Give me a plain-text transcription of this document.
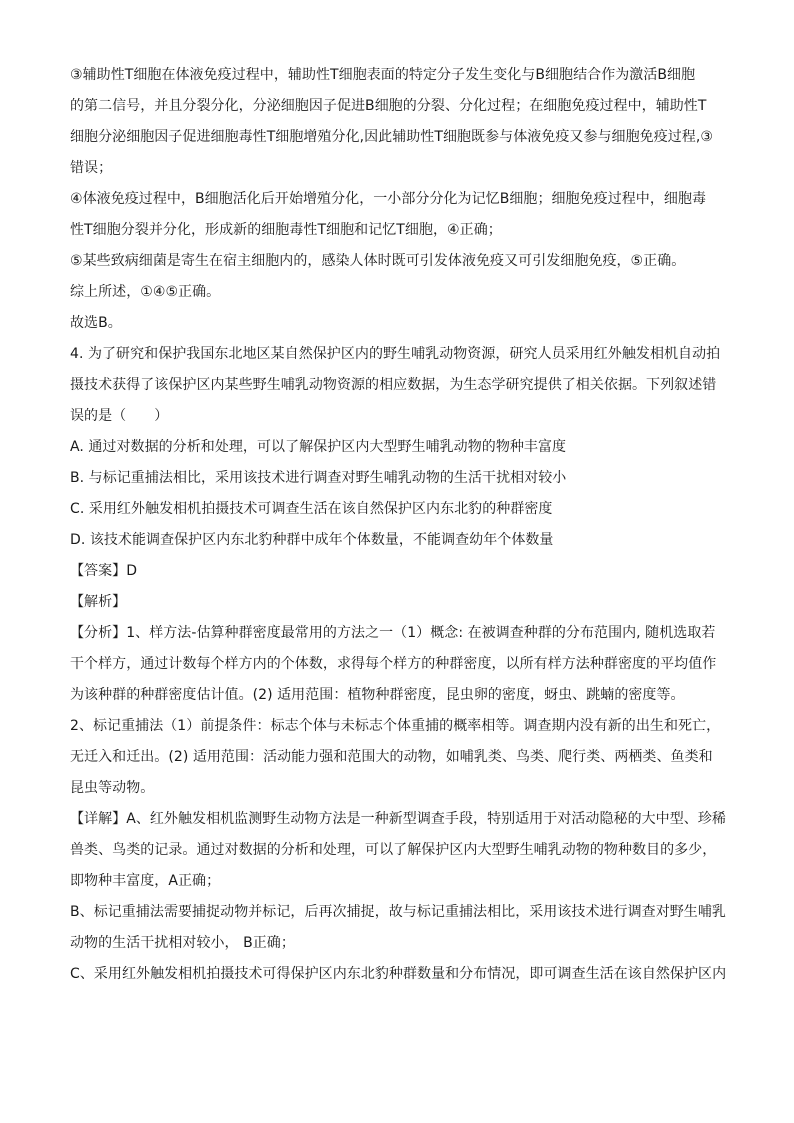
③辅助性T细胞在体液免疫过程中，辅助性T细胞表面的特定分子发生变化与B细胞结合作为激活B细胞
的第二信号，并且分裂分化，分泌细胞因子促进B细胞的分裂、分化过程；在细胞免疫过程中，辅助性T
细胞分泌细胞因子促进细胞毒性T细胞增殖分化,因此辅助性T细胞既参与体液免疫又参与细胞免疫过程,③
错误；
④体液免疫过程中，B细胞活化后开始增殖分化，一小部分分化为记忆B细胞；细胞免疫过程中，细胞毒
性T细胞分裂并分化，形成新的细胞毒性T细胞和记忆T细胞，④正确；
⑤某些致病细菌是寄生在宿主细胞内的，感染人体时既可引发体液免疫又可引发细胞免疫，⑤正确。
综上所述，①④⑤正确。
故选B。
4. 为了研究和保护我国东北地区某自然保护区内的野生哺乳动物资源，研究人员采用红外触发相机自动拍
摄技术获得了该保护区内某些野生哺乳动物资源的相应数据，为生态学研究提供了相关依据。下列叙述错
误的是（　　）
A. 通过对数据的分析和处理，可以了解保护区内大型野生哺乳动物的物种丰富度
B. 与标记重捕法相比，采用该技术进行调查对野生哺乳动物的生活干扰相对较小
C. 采用红外触发相机拍摄技术可调查生活在该自然保护区内东北豹的种群密度
D. 该技术能调查保护区内东北豹种群中成年个体数量，不能调查幼年个体数量
【答案】D
【解析】
【分析】1、样方法-估算种群密度最常用的方法之一（1）概念: 在被调查种群的分布范围内, 随机选取若
干个样方，通过计数每个样方内的个体数，求得每个样方的种群密度，以所有样方法种群密度的平均值作
为该种群的种群密度估计值。(2) 适用范围：植物种群密度，昆虫卵的密度，蚜虫、跳蝻的密度等。
2、标记重捕法（1）前提条件：标志个体与未标志个体重捕的概率相等。调查期内没有新的出生和死亡，
无迁入和迁出。(2) 适用范围：活动能力强和范围大的动物，如哺乳类、鸟类、爬行类、两栖类、鱼类和
昆虫等动物。
【详解】A、红外触发相机监测野生动物方法是一种新型调查手段，特别适用于对活动隐秘的大中型、珍稀
兽类、鸟类的记录。通过对数据的分析和处理，可以了解保护区内大型野生哺乳动物的物种数目的多少，
即物种丰富度，A正确；
B、标记重捕法需要捕捉动物并标记，后再次捕捉，故与标记重捕法相比，采用该技术进行调查对野生哺乳
动物的生活干扰相对较小， B正确；
C、采用红外触发相机拍摄技术可得保护区内东北豹种群数量和分布情况，即可调查生活在该自然保护区内
